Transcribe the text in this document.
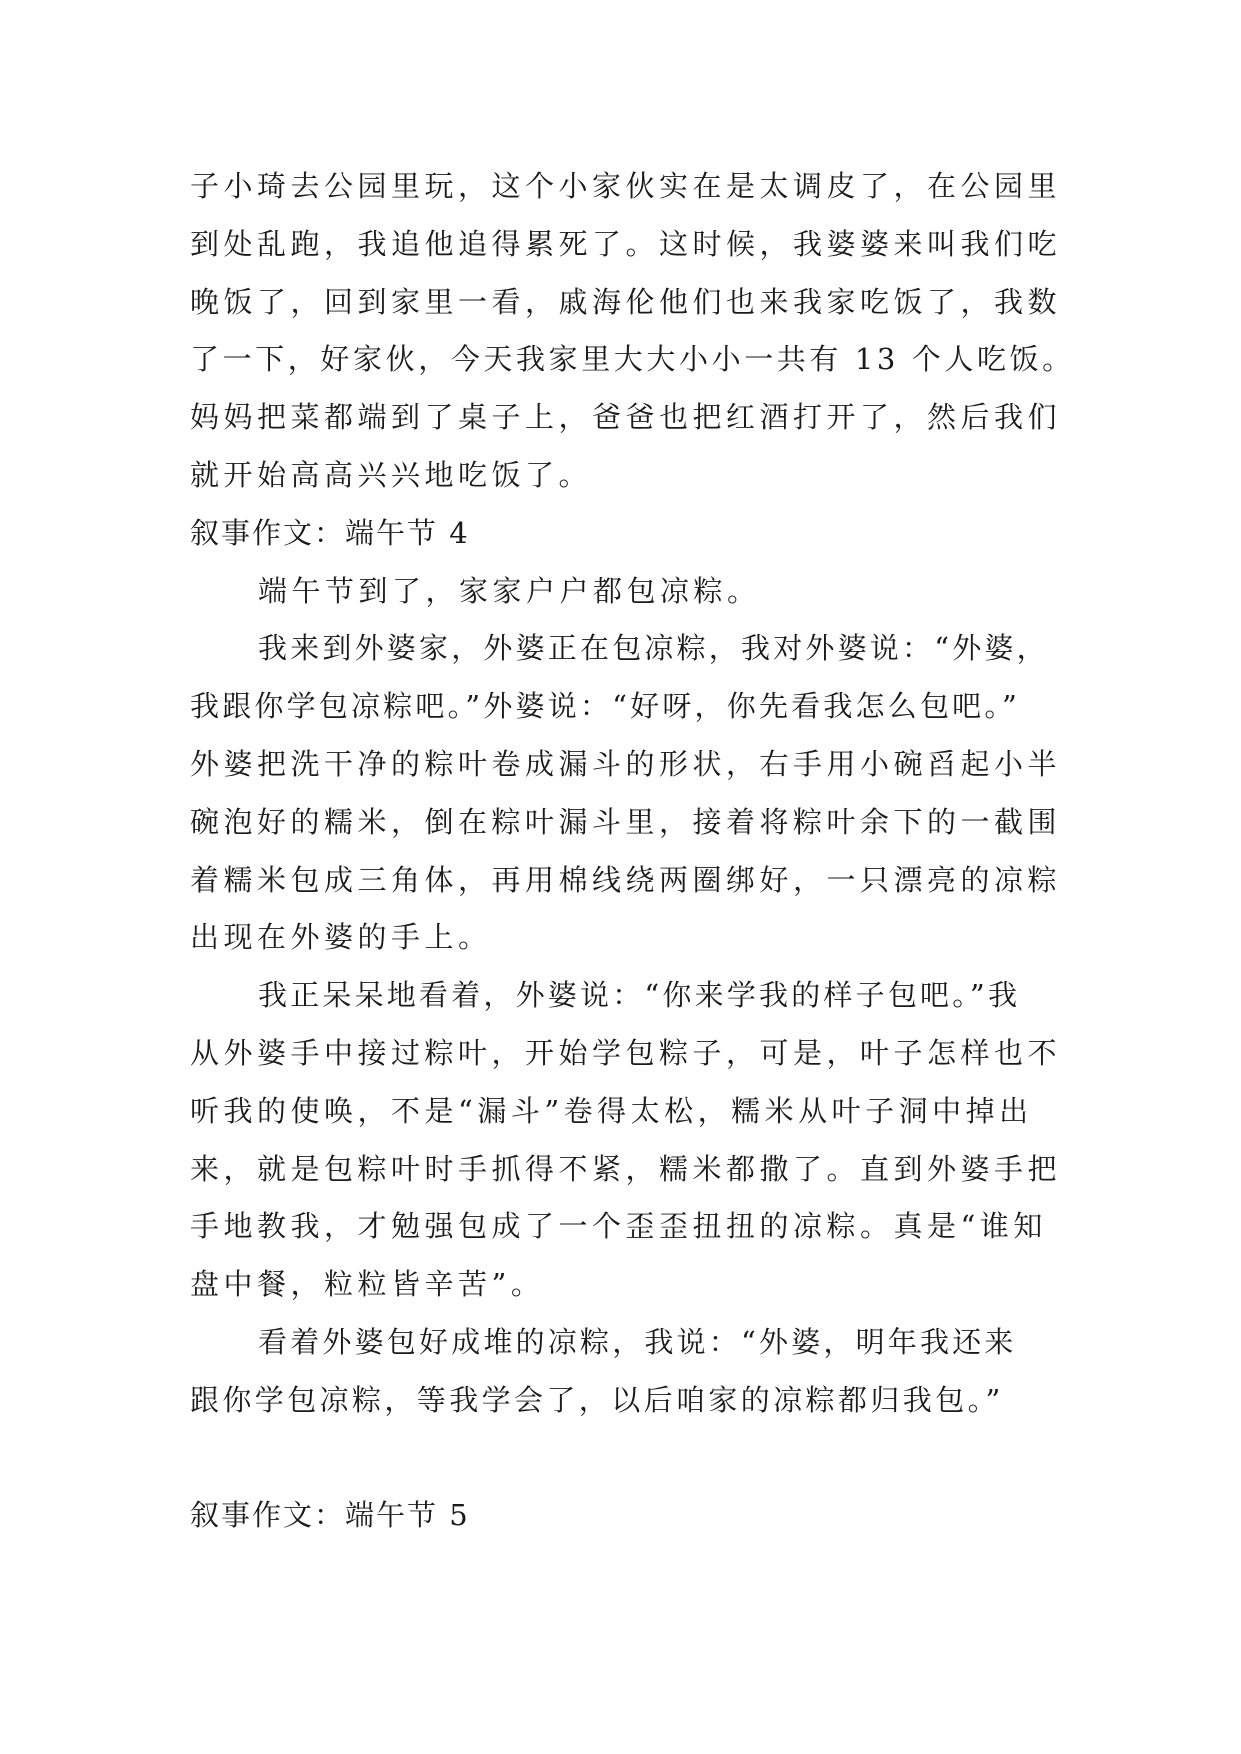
子小琦去公园里玩，这个小家伙实在是太调皮了，在公园里
到处乱跑，我追他追得累死了。这时候，我婆婆来叫我们吃
晚饭了，回到家里一看，戚海伦他们也来我家吃饭了，我数
了一下，好家伙，今天我家里大大小小一共有 13 个人吃饭。
妈妈把菜都端到了桌子上，爸爸也把红酒打开了，然后我们
就开始高高兴兴地吃饭了。
叙事作文：端午节 4
端午节到了，家家户户都包凉粽。
我来到外婆家，外婆正在包凉粽，我对外婆说：“外婆，
我跟你学包凉粽吧。”外婆说：“好呀，你先看我怎么包吧。”
外婆把洗干净的粽叶卷成漏斗的形状，右手用小碗舀起小半
碗泡好的糯米，倒在粽叶漏斗里，接着将粽叶余下的一截围
着糯米包成三角体，再用棉线绕两圈绑好，一只漂亮的凉粽
出现在外婆的手上。
我正呆呆地看着，外婆说：“你来学我的样子包吧。”我
从外婆手中接过粽叶，开始学包粽子，可是，叶子怎样也不
听我的使唤，不是“漏斗”卷得太松，糯米从叶子洞中掉出
来，就是包粽叶时手抓得不紧，糯米都撒了。直到外婆手把
手地教我，才勉强包成了一个歪歪扭扭的凉粽。真是“谁知
盘中餐，粒粒皆辛苦”。
看着外婆包好成堆的凉粽，我说：“外婆，明年我还来
跟你学包凉粽，等我学会了，以后咱家的凉粽都归我包。”
叙事作文：端午节 5
